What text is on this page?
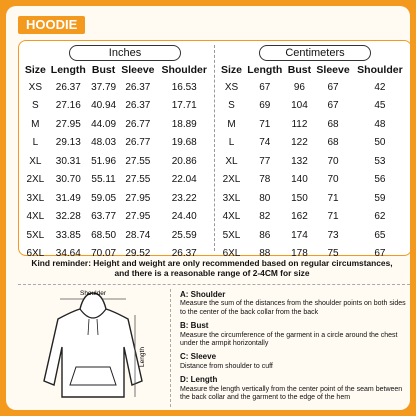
HOODIE
Inches	Centimeters
Size	Length	Bust	Sleeve	Shoulder
XS	26.37	37.79	26.37	16.53
S	27.16	40.94	26.37	17.71
M	27.95	44.09	26.77	18.89
L	29.13	48.03	26.77	19.68
XL	30.31	51.96	27.55	20.86
2XL	30.70	55.11	27.55	22.04
3XL	31.49	59.05	27.95	23.22
4XL	32.28	63.77	27.95	24.40
5XL	33.85	68.50	28.74	25.59
6XL	34.64	70.07	29.52	26.37
Size	Length	Bust	Sleeve	Shoulder
XS	67	96	67	42
S	69	104	67	45
M	71	112	68	48
L	74	122	68	50
XL	77	132	70	53
2XL	78	140	70	56
3XL	80	150	71	59
4XL	82	162	71	62
5XL	86	174	73	65
6XL	88	178	75	67
Kind reminder: Height and weight are only recommended based on regular circumstances,
and there is a reasonable range of 2-4CM for size
Shoulder
Length
A: Shoulder
Measure the sum of the distances from the shoulder points on both sides to the center of the back collar from the back
B: Bust
Measure the circumference of the garment in a circle around the chest under the armpit horizontally
C: Sleeve
Distance from shoulder to cuff
D: Length
Measure the length vertically from the center point of the seam between the back collar and the garment to the edge of the hem
